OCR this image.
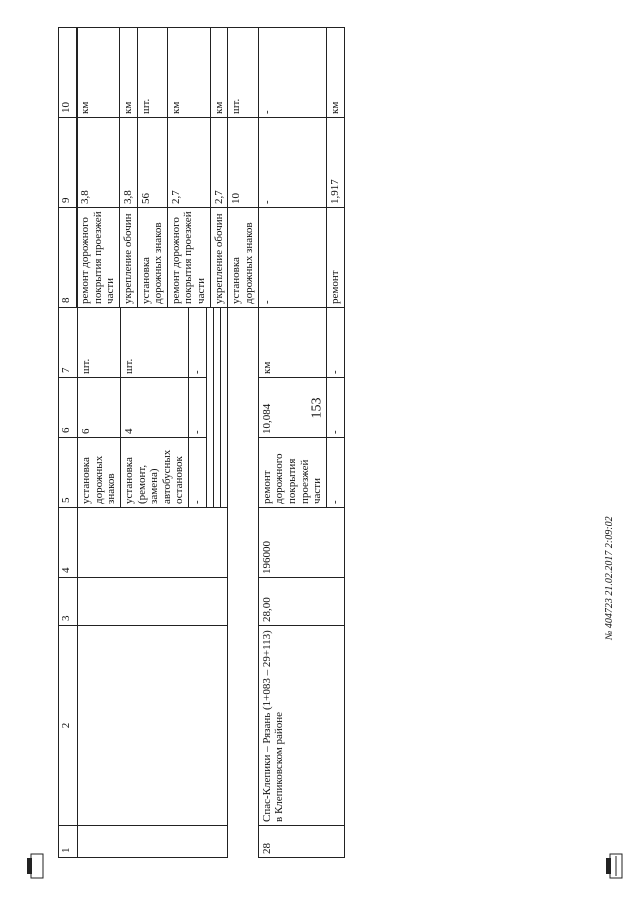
153
1	2	3	4	5	6	7	8	9	10
				установка дорожных знаков	6	шт.			
				установка (ремонт, замена) автобусных остановок	4	шт.			
				-	-	-			

							ремонт дорожного покрытия проезжей части	3,8	км
							укрепление обочин	3,8	км
							установка дорожных знаков	56	шт.
							ремонт дорожного покрытия проезжей части	2,7	км
							укрепление обочин	2,7	км
							установка дорожных знаков	10	шт.
28	Спас-Клепики – Рязань (1+083 – 29+113) в Клепиковском районе	28,00	196000	ремонт дорожного покрытия проезжей части	10,084	км	-	-	-
				-	-	-	ремонт	1,917	км
№ 404723 21.02.2017 2:09:02
